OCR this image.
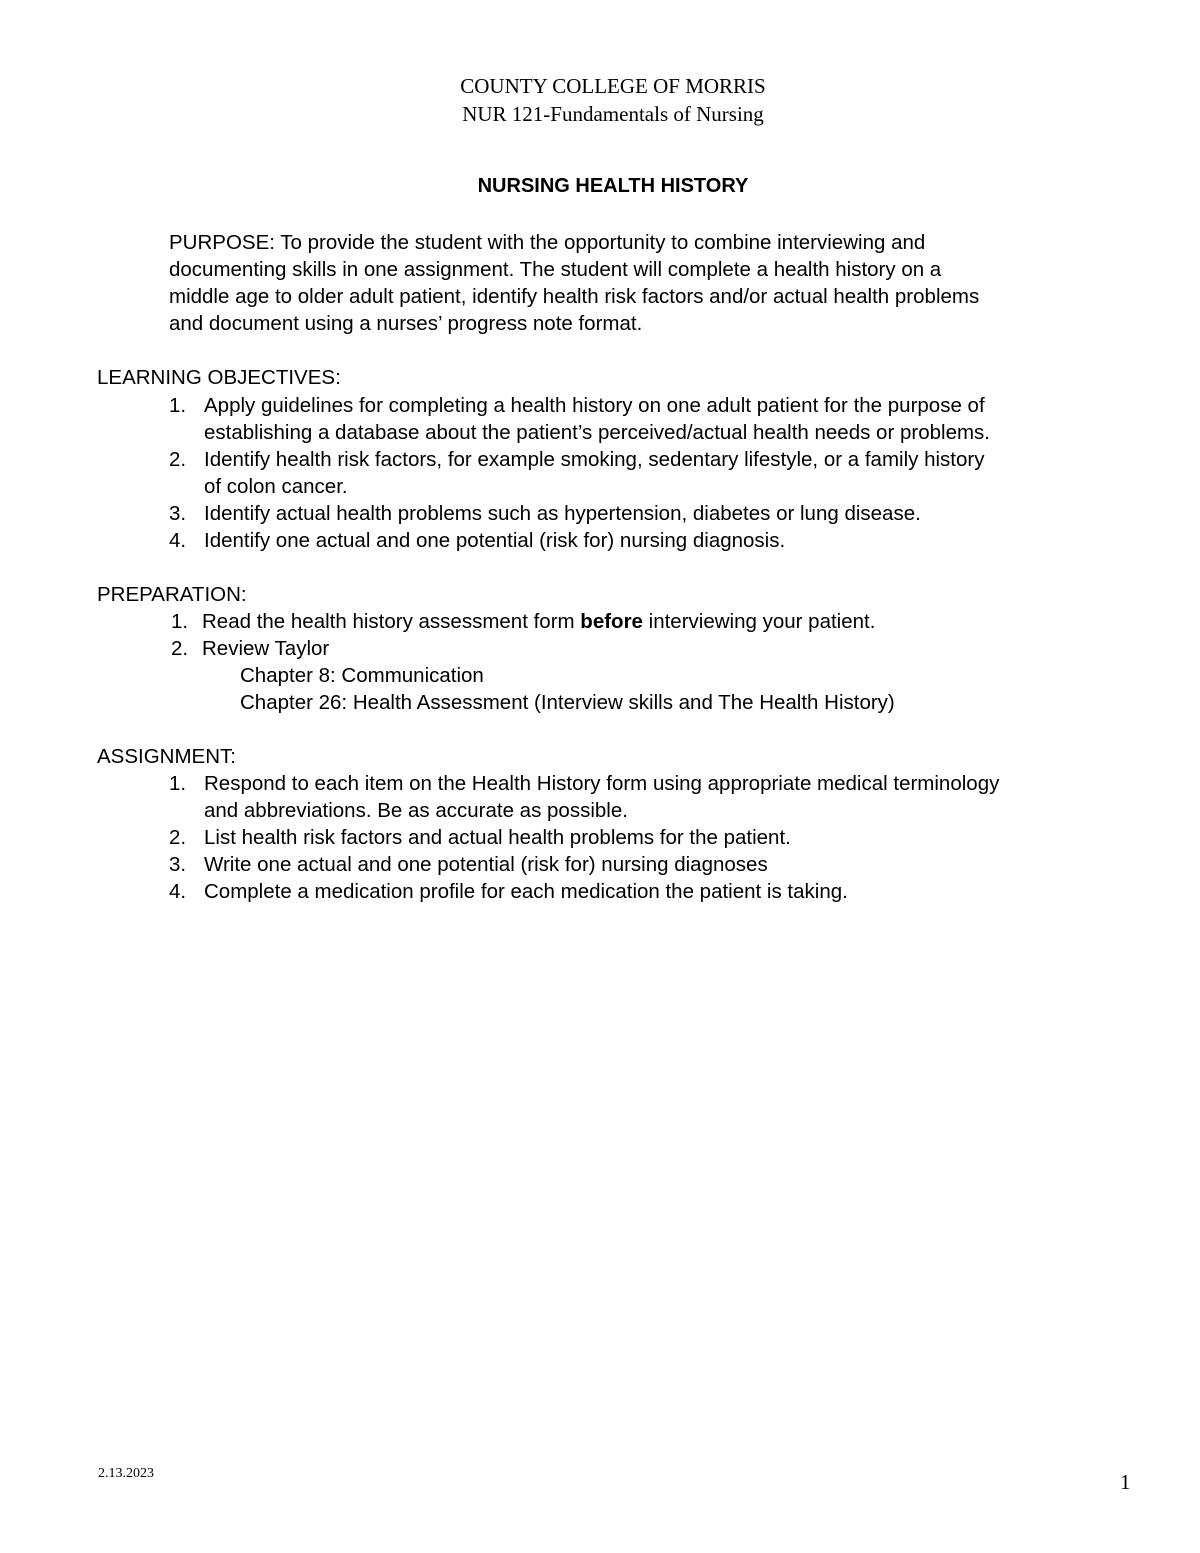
COUNTY COLLEGE OF MORRIS
NUR 121-Fundamentals of Nursing
NURSING HEALTH HISTORY
PURPOSE: To provide the student with the opportunity to combine interviewing and
documenting skills in one assignment. The student will complete a health history on a
middle age to older adult patient, identify health risk factors and/or actual health problems
and document using a nurses’ progress note format.
LEARNING OBJECTIVES:
1. Apply guidelines for completing a health history on one adult patient for the purpose of
establishing a database about the patient’s perceived/actual health needs or problems.
2. Identify health risk factors, for example smoking, sedentary lifestyle, or a family history
of colon cancer.
3. Identify actual health problems such as hypertension, diabetes or lung disease.
4. Identify one actual and one potential (risk for) nursing diagnosis.
PREPARATION:
1. Read the health history assessment form before interviewing your patient.
2. Review Taylor
Chapter 8: Communication
Chapter 26: Health Assessment (Interview skills and The Health History)
ASSIGNMENT:
1. Respond to each item on the Health History form using appropriate medical terminology
and abbreviations. Be as accurate as possible.
2. List health risk factors and actual health problems for the patient.
3. Write one actual and one potential (risk for) nursing diagnoses
4. Complete a medication profile for each medication the patient is taking.
2.13.2023	1
